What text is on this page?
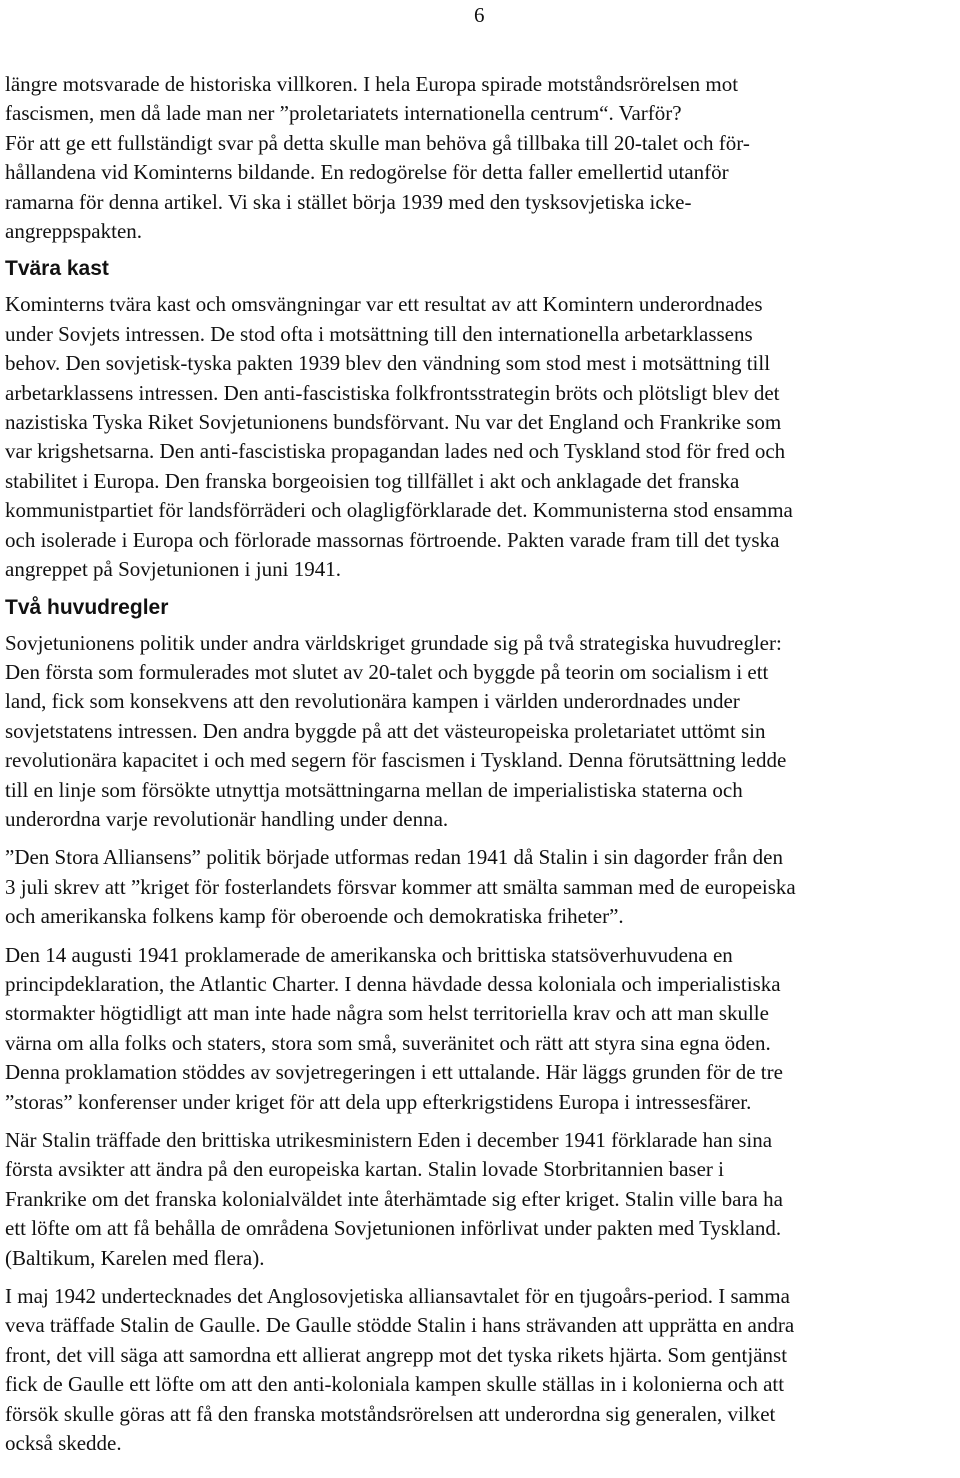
6

längre motsvarade de historiska villkoren. I hela Europa spirade motståndsrörelsen mot
fascismen, men då lade man ner ”proletariatets internationella centrum“. Varför?
För att ge ett fullständigt svar på detta skulle man behöva gå tillbaka till 20-talet och för-
hållandena vid Kominterns bildande. En redogörelse för detta faller emellertid utanför
ramarna för denna artikel. Vi ska i stället börja 1939 med den tysksovjetiska icke-
angreppspakten.

Tvära kast

Kominterns tvära kast och omsvängningar var ett resultat av att Komintern underordnades
under Sovjets intressen. De stod ofta i motsättning till den internationella arbetarklassens
behov. Den sovjetisk-tyska pakten 1939 blev den vändning som stod mest i motsättning till
arbetarklassens intressen. Den anti-fascistiska folkfrontsstrategin bröts och plötsligt blev det
nazistiska Tyska Riket Sovjetunionens bundsförvant. Nu var det England och Frankrike som
var krigshetsarna. Den anti-fascistiska propagandan lades ned och Tyskland stod för fred och
stabilitet i Europa. Den franska borgeoisien tog tillfället i akt och anklagade det franska
kommunistpartiet för landsförräderi och olagligförklarade det. Kommunisterna stod ensamma
och isolerade i Europa och förlorade massornas förtroende. Pakten varade fram till det tyska
angreppet på Sovjetunionen i juni 1941.

Två huvudregler

Sovjetunionens politik under andra världskriget grundade sig på två strategiska huvudregler:
Den första som formulerades mot slutet av 20-talet och byggde på teorin om socialism i ett
land, fick som konsekvens att den revolutionära kampen i världen underordnades under
sovjetstatens intressen. Den andra byggde på att det västeuropeiska proletariatet uttömt sin
revolutionära kapacitet i och med segern för fascismen i Tyskland. Denna förutsättning ledde
till en linje som försökte utnyttja motsättningarna mellan de imperialistiska staterna och
underordna varje revolutionär handling under denna.

”Den Stora Alliansens” politik började utformas redan 1941 då Stalin i sin dagorder från den
3 juli skrev att ”kriget för fosterlandets försvar kommer att smälta samman med de europeiska
och amerikanska folkens kamp för oberoende och demokratiska friheter”.

Den 14 augusti 1941 proklamerade de amerikanska och brittiska statsöverhuvudena en
principdeklaration, the Atlantic Charter. I denna hävdade dessa koloniala och imperialistiska
stormakter högtidligt att man inte hade några som helst territoriella krav och att man skulle
värna om alla folks och staters, stora som små, suveränitet och rätt att styra sina egna öden.
Denna proklamation stöddes av sovjetregeringen i ett uttalande. Här läggs grunden för de tre
”storas” konferenser under kriget för att dela upp efterkrigstidens Europa i intressesfärer.

När Stalin träffade den brittiska utrikesministern Eden i december 1941 förklarade han sina
första avsikter att ändra på den europeiska kartan. Stalin lovade Storbritannien baser i
Frankrike om det franska kolonialväldet inte återhämtade sig efter kriget. Stalin ville bara ha
ett löfte om att få behålla de områdena Sovjetunionen införlivat under pakten med Tyskland.
(Baltikum, Karelen med flera).

I maj 1942 undertecknades det Anglosovjetiska alliansavtalet för en tjugoårs-period. I samma
veva träffade Stalin de Gaulle. De Gaulle stödde Stalin i hans strävanden att upprätta en andra
front, det vill säga att samordna ett allierat angrepp mot det tyska rikets hjärta. Som gentjänst
fick de Gaulle ett löfte om att den anti-koloniala kampen skulle ställas in i kolonierna och att
försök skulle göras att få den franska motståndsrörelsen att underordna sig generalen, vilket
också skedde.
